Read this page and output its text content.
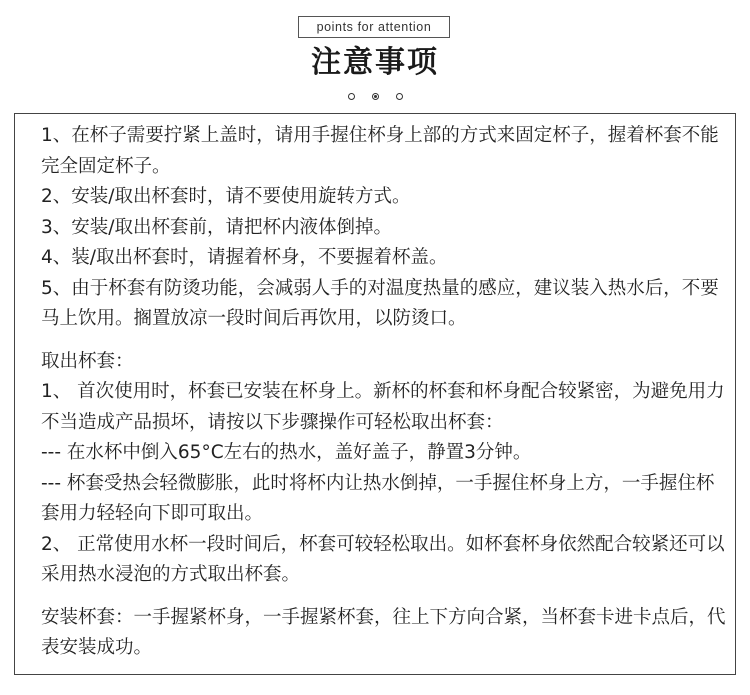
points for attention
注意事项

1、在杯子需要拧紧上盖时，请用手握住杯身上部的方式来固定杯子，握着杯套不能完全固定杯子。

2、安装/取出杯套时，请不要使用旋转方式。

3、安装/取出杯套前，请把杯内液体倒掉。

4、装/取出杯套时，请握着杯身，不要握着杯盖。

5、由于杯套有防烫功能，会减弱人手的对温度热量的感应，建议装入热水后，不要马上饮用。搁置放凉一段时间后再饮用，以防烫口。

取出杯套：

1、 首次使用时，杯套已安装在杯身上。新杯的杯套和杯身配合较紧密，为避免用力不当造成产品损坏，请按以下步骤操作可轻松取出杯套：

--- 在水杯中倒入65°C左右的热水，盖好盖子，静置3分钟。

--- 杯套受热会轻微膨胀，此时将杯内让热水倒掉，一手握住杯身上方，一手握住杯套用力轻轻向下即可取出。

2、 正常使用水杯一段时间后，杯套可较轻松取出。如杯套杯身依然配合较紧还可以采用热水浸泡的方式取出杯套。

安装杯套：一手握紧杯身，一手握紧杯套，往上下方向合紧，当杯套卡进卡点后，代表安装成功。
